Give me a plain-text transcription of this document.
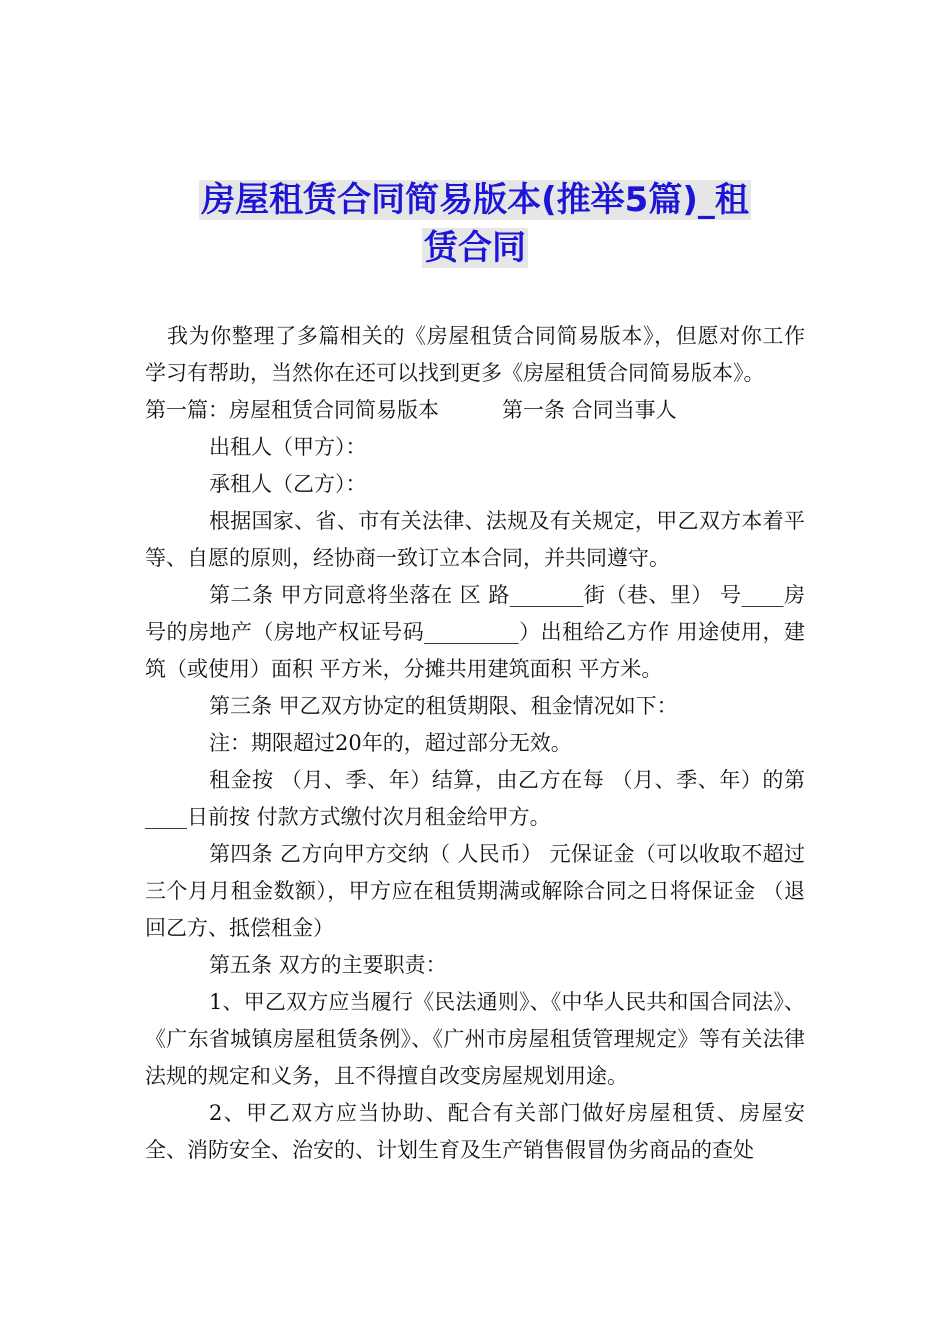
房屋租赁合同简易版本(推举5篇)_租
赁合同

我为你整理了多篇相关的《房屋租赁合同简易版本》，但愿对你工作学习有帮助，当然你在还可以找到更多《房屋租赁合同简易版本》。

第一篇：房屋租赁合同简易版本　　　第一条 合同当事人

出租人（甲方）：

承租人（乙方）：

根据国家、省、市有关法律、法规及有关规定，甲乙双方本着平等、自愿的原则，经协商一致订立本合同，并共同遵守。

第二条 甲方同意将坐落在 区 路_______街（巷、里） 号____房号的房地产（房地产权证号码_________）出租给乙方作 用途使用，建筑（或使用）面积 平方米，分摊共用建筑面积 平方米。

第三条 甲乙双方协定的租赁期限、租金情况如下：

注：期限超过20年的，超过部分无效。

租金按 （月、季、年）结算，由乙方在每 （月、季、年）的第____日前按 付款方式缴付次月租金给甲方。

第四条 乙方向甲方交纳（ 人民币） 元保证金（可以收取不超过三个月月租金数额），甲方应在租赁期满或解除合同之日将保证金 （退回乙方、抵偿租金）

第五条 双方的主要职责：

1、甲乙双方应当履行《民法通则》、《中华人民共和国合同法》、《广东省城镇房屋租赁条例》、《广州市房屋租赁管理规定》等有关法律法规的规定和义务，且不得擅自改变房屋规划用途。

2、甲乙双方应当协助、配合有关部门做好房屋租赁、房屋安全、消防安全、治安的、计划生育及生产销售假冒伪劣商品的查处
